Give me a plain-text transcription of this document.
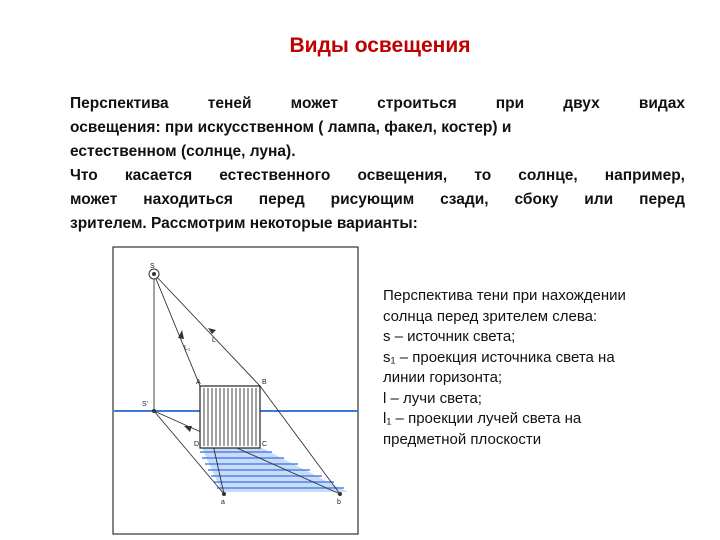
Виды освещения

Перспектива теней может строиться при двух видах

освещения: при искусственном ( лампа, факел, костер) и

естественном (солнце, луна).

Что касается естественного освещения, то солнце, например,

может находиться перед рисующим сзади, сбоку или перед

зрителем. Рассмотрим некоторые варианты:

S
S'
A	B
C
D
a	b
L
L₁
Перспектива тени при нахождении
солнца перед зрителем слева:
s – источник света;
s₁ – проекция источника света на
линии горизонта;
l – лучи света;
l₁ – проекции лучей света на
предметной плоскости
